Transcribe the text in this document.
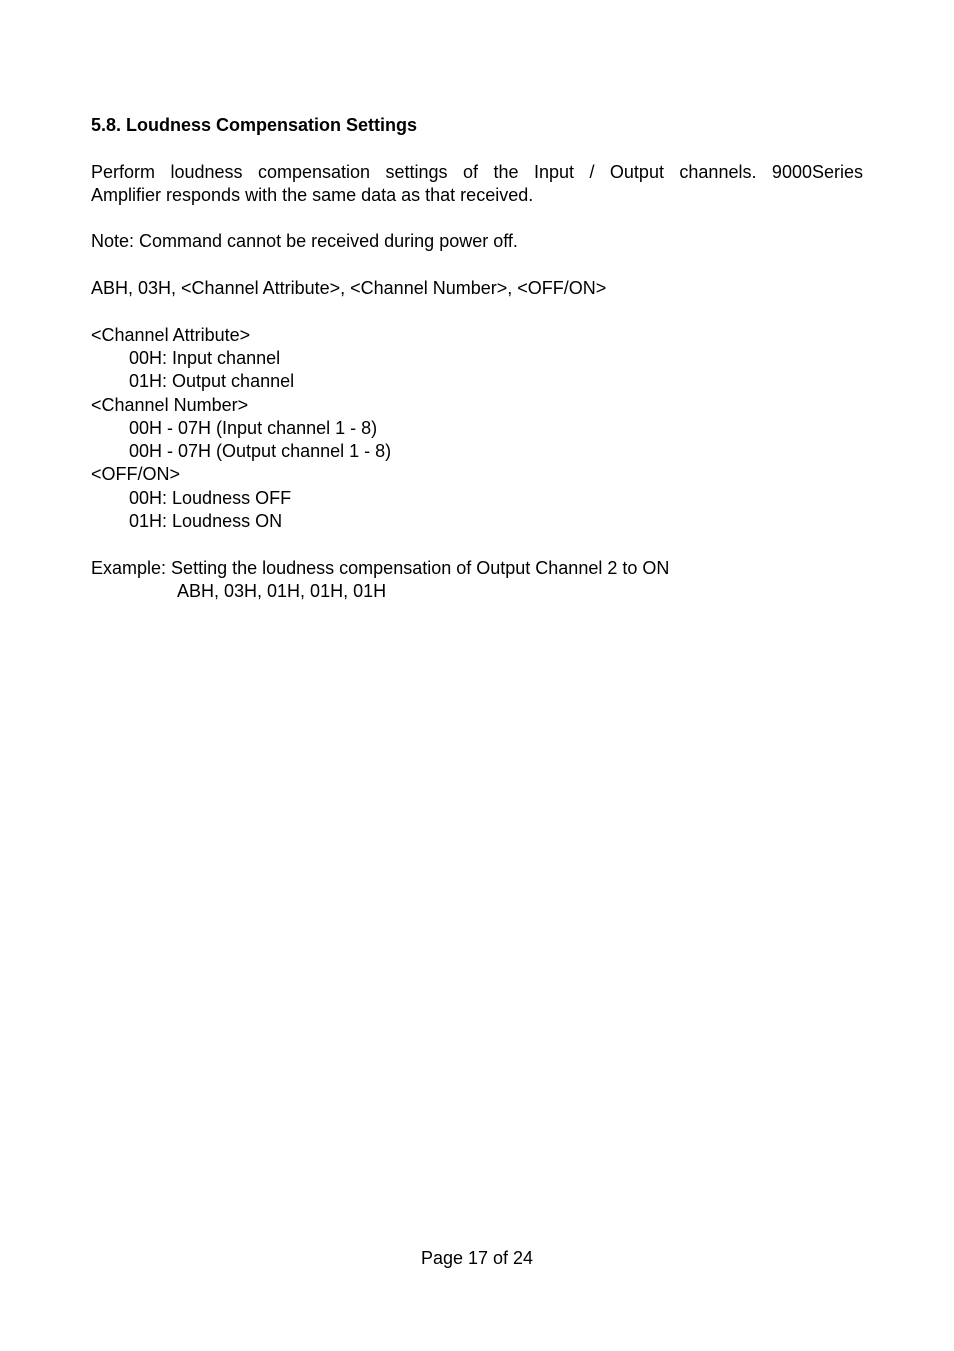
5.8. Loudness Compensation Settings
Perform loudness compensation settings of the Input / Output channels. 9000Series
Amplifier responds with the same data as that received.
Note: Command cannot be received during power off.
ABH, 03H, <Channel Attribute>, <Channel Number>, <OFF/ON>
<Channel Attribute>
00H: Input channel
01H: Output channel
<Channel Number>
00H - 07H (Input channel 1 - 8)
00H - 07H (Output channel 1 - 8)
<OFF/ON>
00H: Loudness OFF
01H: Loudness ON
Example: Setting the loudness compensation of Output Channel 2 to ON
ABH, 03H, 01H, 01H, 01H
Page 17 of 24
